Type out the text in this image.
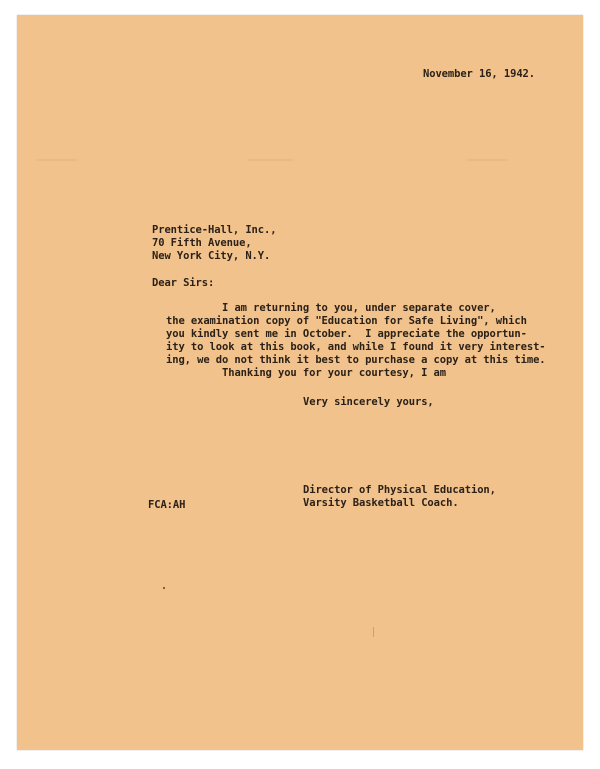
November 16, 1942.
Prentice-Hall, Inc.,
70 Fifth Avenue,
New York City, N.Y.
Dear Sirs:
I am returning to you, under separate cover,
the examination copy of "Education for Safe Living", which
you kindly sent me in October.  I appreciate the opportun-
ity to look at this book, and while I found it very interest-
ing, we do not think it best to purchase a copy at this time.
Thanking you for your courtesy, I am
Very sincerely yours,
Director of Physical Education,
Varsity Basketball Coach.
FCA:AH
